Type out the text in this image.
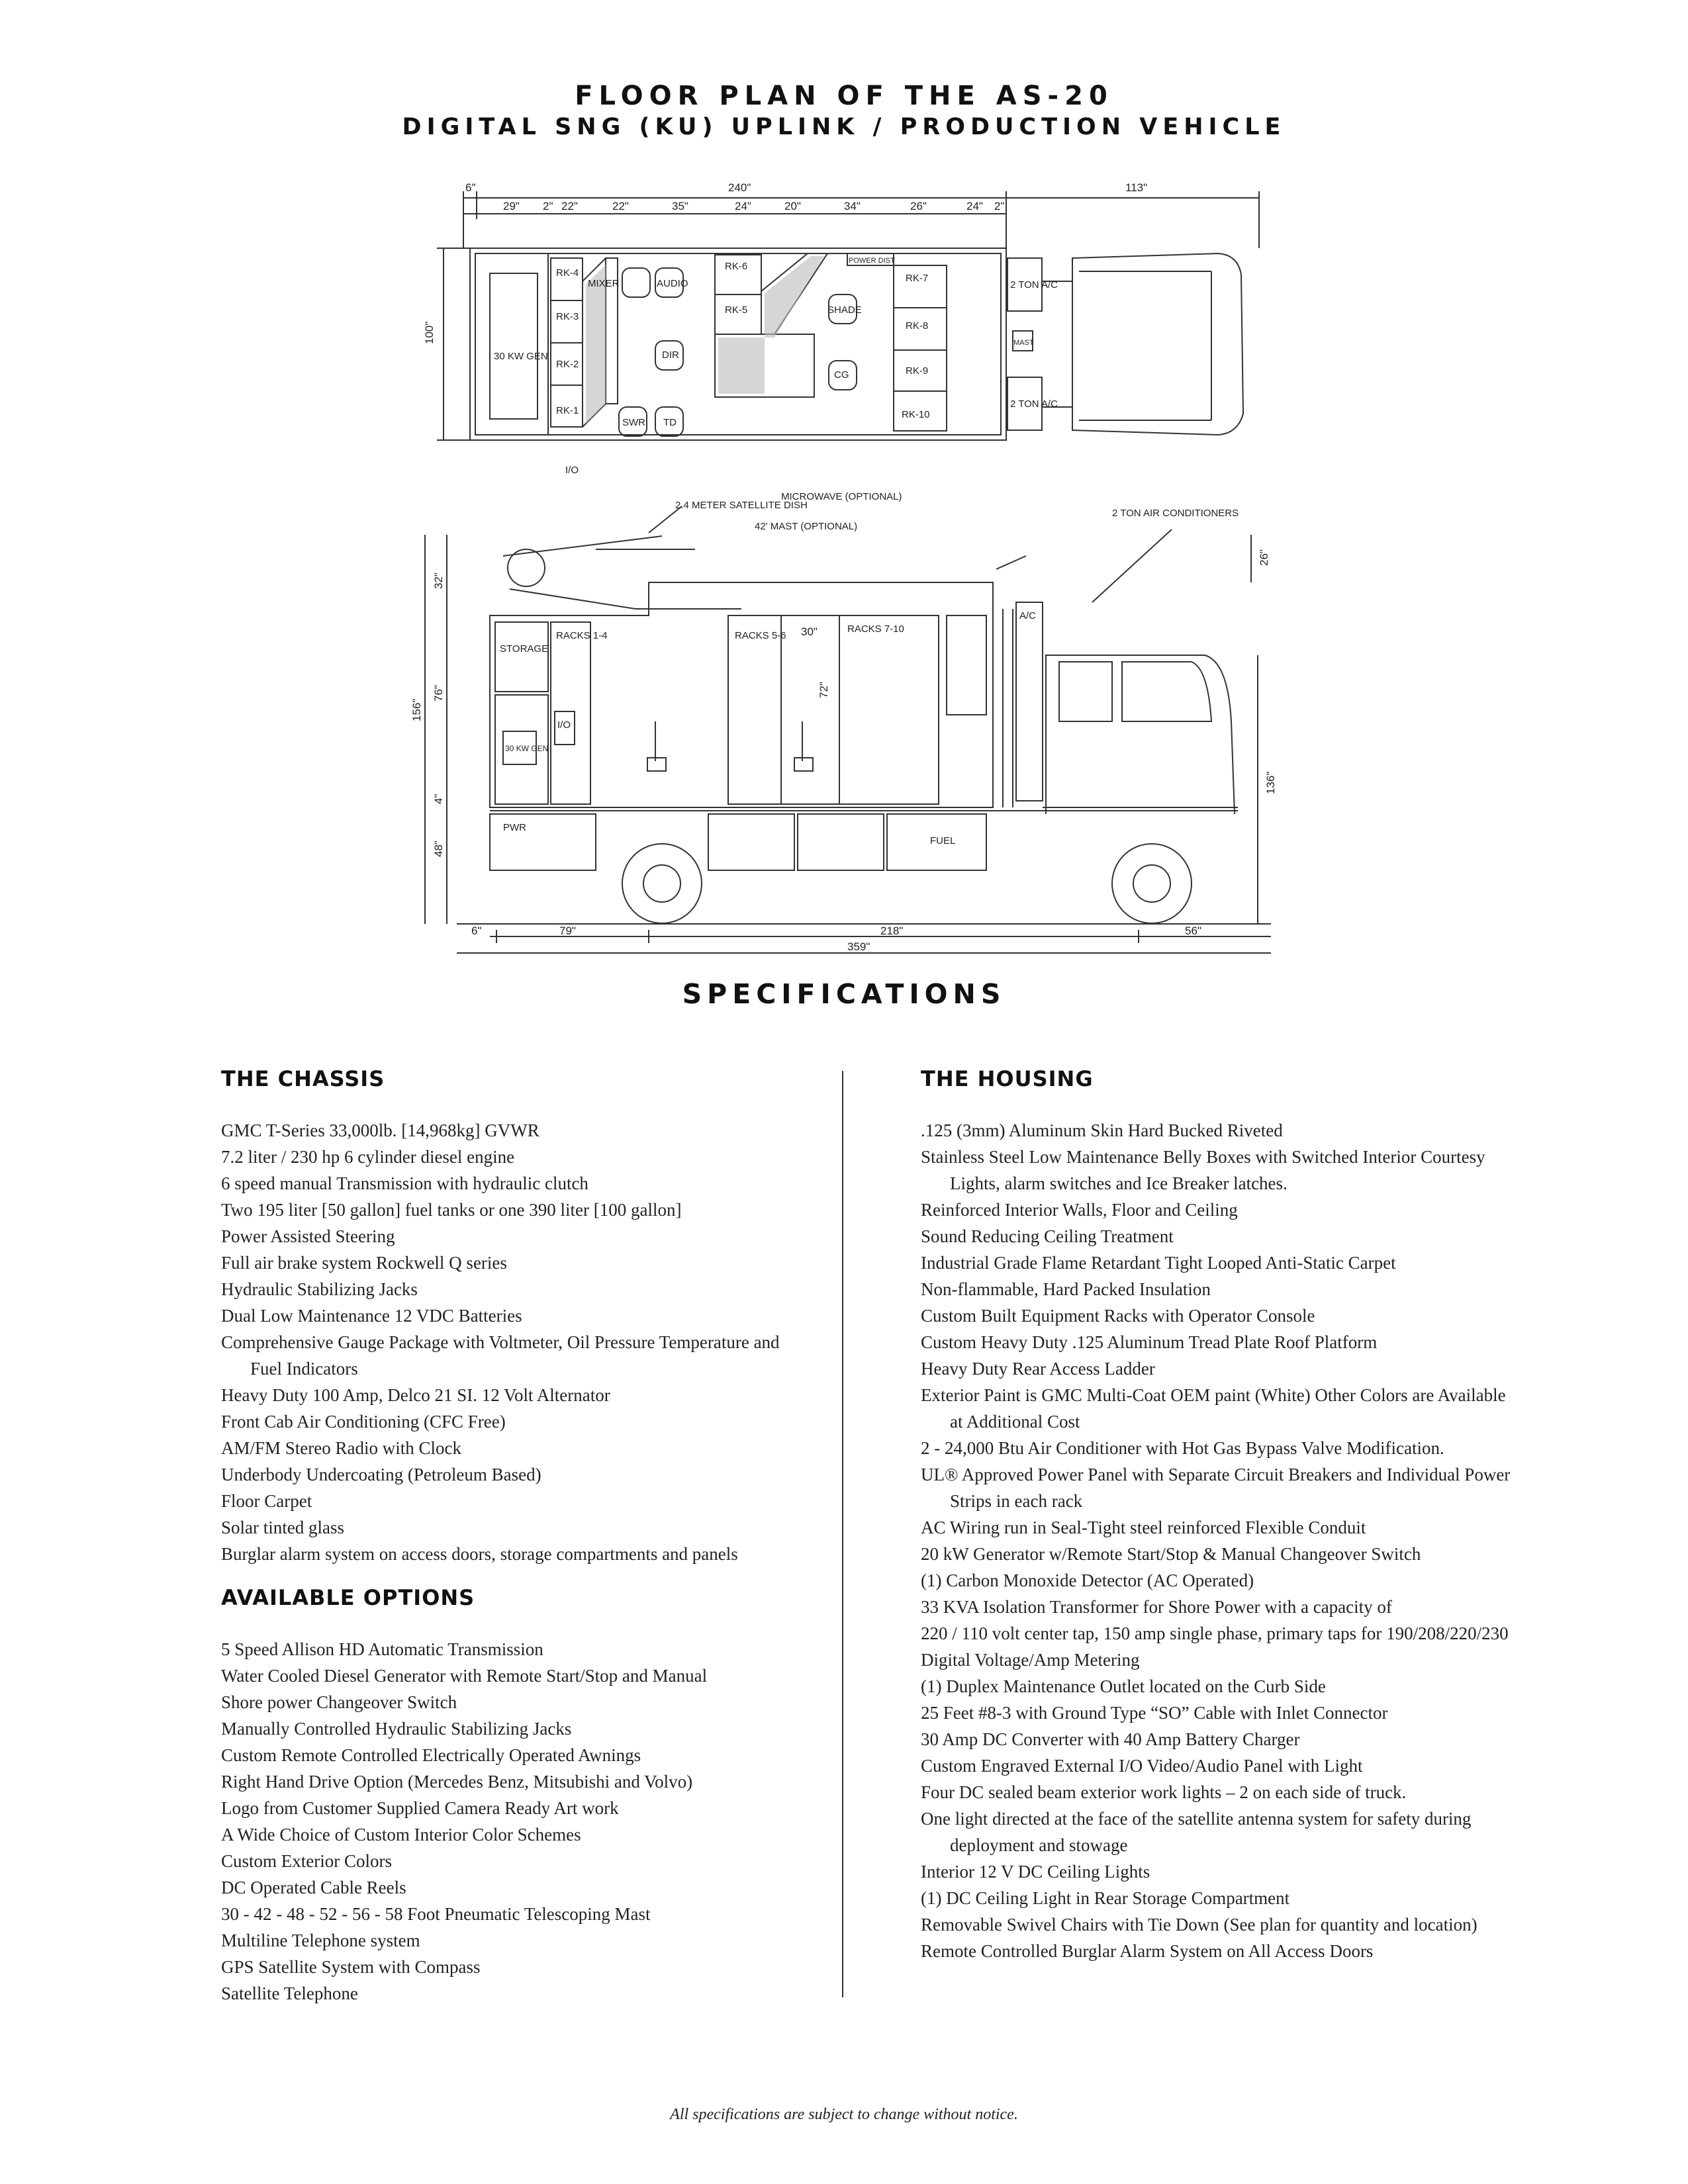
FLOOR PLAN OF THE AS-20
DIGITAL SNG (KU) UPLINK / PRODUCTION VEHICLE
6"	240"	113"
29" 2" 22"	22"	35"	24"	20"	34"	26"	24" 2"
100"
RK-4
RK-3
RK-2
RK-1
MIXER	AUDIO
DIR
TD
SWR
30 KW GEN
RK-6
RK-5	SHADE
CG
POWER DIST
RK-7
RK-8
RK-9
RK-10
2 TON A/C
MAST
2 TON A/C
I/O
2.4 METER SATELLITE DISH
MICROWAVE (OPTIONAL)
42' MAST (OPTIONAL)
2 TON AIR CONDITIONERS
STORAGE
RACKS 1-4	RACKS 5-6
RACKS 7-10
A/C
30 KW GEN
I/O
PWR
FUEL
32"
76"
156"
4"
48"
30"
72"
26"
136"
6"	79"	218"	56"
359"
SPECIFICATIONS
THE CHASSIS
GMC T-Series 33,000lb. [14,968kg] GVWR
7.2 liter / 230 hp 6 cylinder diesel engine
6 speed manual Transmission with hydraulic clutch
Two 195 liter [50 gallon] fuel tanks or one 390 liter [100 gallon]
Power Assisted Steering
Full air brake system Rockwell Q series
Hydraulic Stabilizing Jacks
Dual Low Maintenance 12 VDC Batteries
Comprehensive Gauge Package with Voltmeter, Oil Pressure Temperature and Fuel Indicators
Heavy Duty 100 Amp, Delco 21 SI. 12 Volt Alternator
Front Cab Air Conditioning (CFC Free)
AM/FM Stereo Radio with Clock
Underbody Undercoating (Petroleum Based)
Floor Carpet
Solar tinted glass
Burglar alarm system on access doors, storage compartments and panels
AVAILABLE OPTIONS
5 Speed Allison HD Automatic Transmission
Water Cooled Diesel Generator with Remote Start/Stop and Manual
Shore power Changeover Switch
Manually Controlled Hydraulic Stabilizing Jacks
Custom Remote Controlled Electrically Operated Awnings
Right Hand Drive Option (Mercedes Benz, Mitsubishi and Volvo)
Logo from Customer Supplied Camera Ready Art work
A Wide Choice of Custom Interior Color Schemes
Custom Exterior Colors
DC Operated Cable Reels
30 - 42 - 48 - 52 - 56 - 58 Foot Pneumatic Telescoping Mast
Multiline Telephone system
GPS Satellite System with Compass
Satellite Telephone
THE HOUSING
.125 (3mm) Aluminum Skin Hard Bucked Riveted
Stainless Steel Low Maintenance Belly Boxes with Switched Interior Courtesy Lights, alarm switches and Ice Breaker latches.
Reinforced Interior Walls, Floor and Ceiling
Sound Reducing Ceiling Treatment
Industrial Grade Flame Retardant Tight Looped Anti-Static Carpet
Non-flammable, Hard Packed Insulation
Custom Built Equipment Racks with Operator Console
Custom Heavy Duty .125 Aluminum Tread Plate Roof Platform
Heavy Duty Rear Access Ladder
Exterior Paint is GMC Multi-Coat OEM paint (White) Other Colors are Available at Additional Cost
2 - 24,000 Btu Air Conditioner with Hot Gas Bypass Valve Modification.
UL® Approved Power Panel with Separate Circuit Breakers and Individual Power Strips in each rack
AC Wiring run in Seal-Tight steel reinforced Flexible Conduit
20 kW Generator w/Remote Start/Stop & Manual Changeover Switch
(1) Carbon Monoxide Detector (AC Operated)
33 KVA Isolation Transformer for Shore Power with a capacity of
220 / 110 volt center tap, 150 amp single phase, primary taps for 190/208/220/230
Digital Voltage/Amp Metering
(1) Duplex Maintenance Outlet located on the Curb Side
25 Feet #8-3 with Ground Type “SO” Cable with Inlet Connector
30 Amp DC Converter with 40 Amp Battery Charger
Custom Engraved External I/O Video/Audio Panel with Light
Four DC sealed beam exterior work lights – 2 on each side of truck.
One light directed at the face of the satellite antenna system for safety during deployment and stowage
Interior 12 V DC Ceiling Lights
(1) DC Ceiling Light in Rear Storage Compartment
Removable Swivel Chairs with Tie Down (See plan for quantity and location)
Remote Controlled Burglar Alarm System on All Access Doors
All specifications are subject to change without notice.
